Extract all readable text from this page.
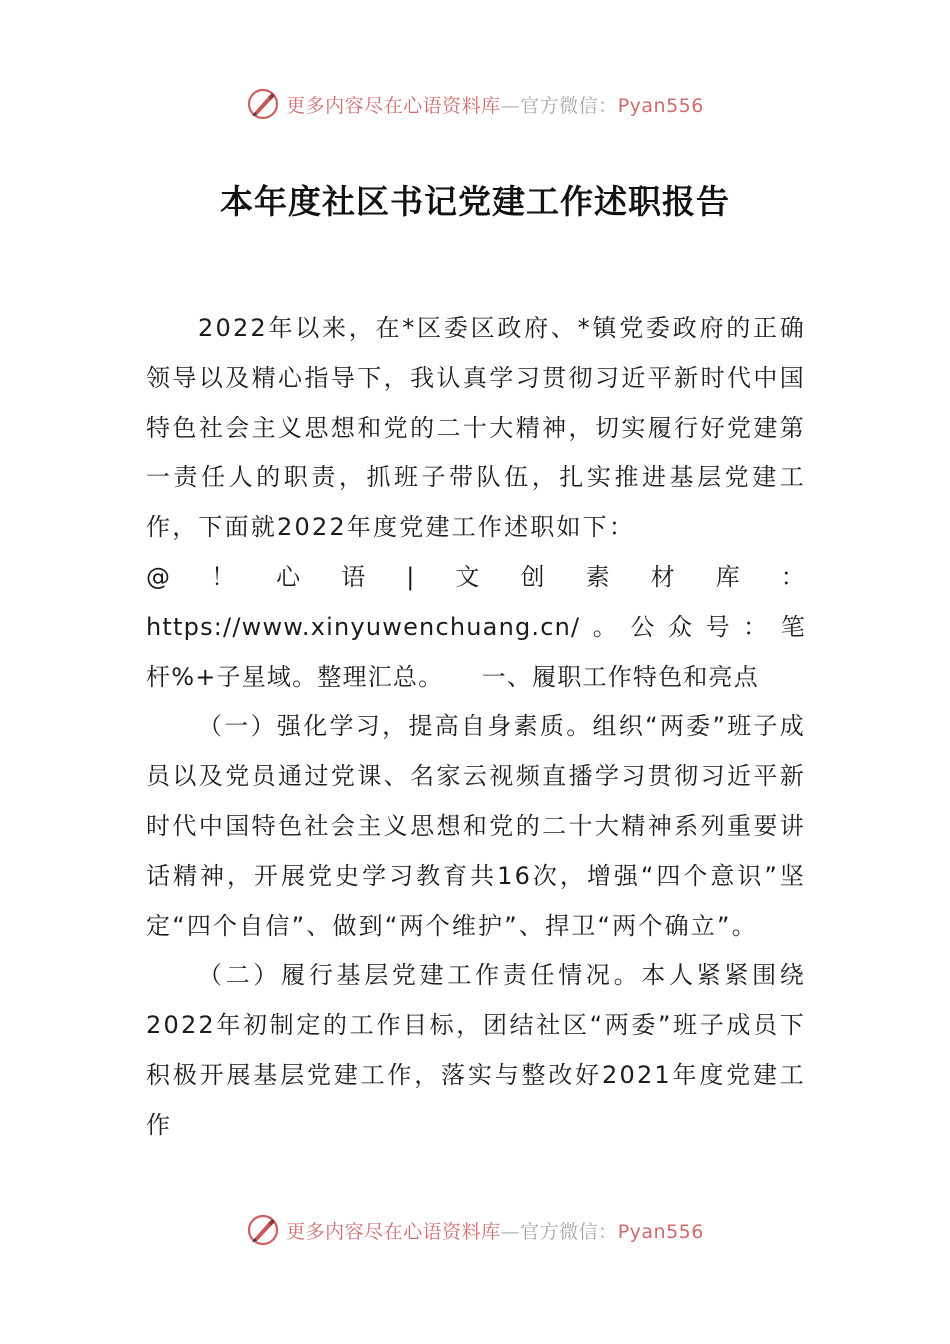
更多内容尽在心语资料库—官方微信：Pyan556
本年度社区书记党建工作述职报告

2022年以来，在*区委区政府、*镇党委政府的正确领导以及精心指导下，我认真学习贯彻习近平新时代中国特色社会主义思想和党的二十大精神，切实履行好党建第一责任人的职责，抓班子带队伍，扎实推进基层党建工作，下面就2022年度党建工作述职如下：

@！心语|文创素材库：https://www.xinyuwenchuang.cn/。公众号：笔杆%+子星域。整理汇总。　　一、履职工作特色和亮点

（一）强化学习，提高自身素质。组织“两委”班子成员以及党员通过党课、名家云视频直播学习贯彻习近平新时代中国特色社会主义思想和党的二十大精神系列重要讲话精神，开展党史学习教育共16次，增强“四个意识”坚定“四个自信”、做到“两个维护”、捍卫“两个确立”。

（二）履行基层党建工作责任情况。本人紧紧围绕2022年初制定的工作目标，团结社区“两委”班子成员下积极开展基层党建工作，落实与整改好2021年度党建工作

更多内容尽在心语资料库—官方微信：Pyan556
